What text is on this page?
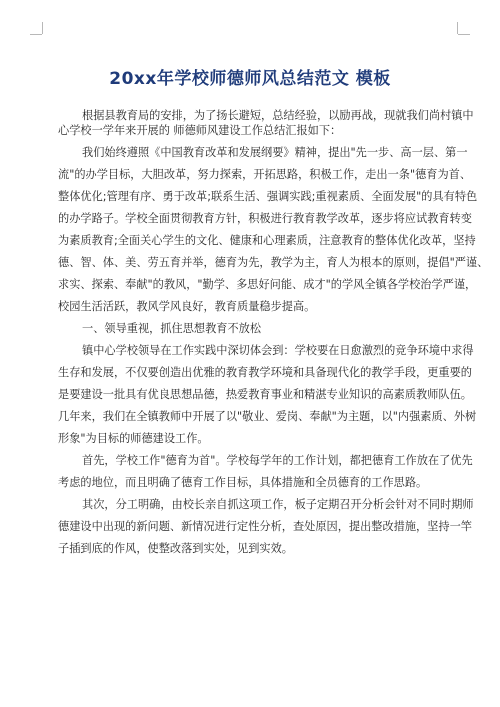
20xx年学校师德师风总结范文 模板
根据县教育局的安排，为了扬长避短，总结经验，以励再战，现就我们尚村镇中
心学校一学年来开展的 师德师风建设工作总结汇报如下：
我们始终遵照《中国教育改革和发展纲要》精神，提出"先一步、高一层、第一
流"的办学目标，大胆改革，努力探索，开拓思路，积极工作，走出一条"德育为首、
整体优化;管理有序、勇于改革;联系生活、强调实践;重视素质、全面发展"的具有特色
的办学路子。学校全面贯彻教育方针，积极进行教育教学改革，逐步将应试教育转变
为素质教育;全面关心学生的文化、健康和心理素质，注意教育的整体优化改革，坚持
德、智、体、美、劳五育并举，德育为先，教学为主，育人为根本的原则，提倡"严谨、
求实、探索、奉献"的教风，"勤学、多思好问能、成才"的学风全镇各学校治学严谨，
校园生活活跃，教风学风良好，教育质量稳步提高。
一、领导重视，抓住思想教育不放松
镇中心学校领导在工作实践中深切体会到：学校要在日愈激烈的竞争环境中求得
生存和发展，不仅要创造出优雅的教育教学环境和具备现代化的教学手段，更重要的
是要建设一批具有优良思想品德，热爱教育事业和精湛专业知识的高素质教师队伍。
几年来，我们在全镇教师中开展了以"敬业、爱岗、奉献"为主题，以"内强素质、外树
形象"为目标的师德建设工作。
首先，学校工作"德育为首"。学校每学年的工作计划，都把德育工作放在了优先
考虑的地位，而且明确了德育工作目标，具体措施和全员德育的工作思路。
其次，分工明确，由校长亲自抓这项工作，板子定期召开分析会针对不同时期师
德建设中出现的新问题、新情况进行定性分析，查处原因，提出整改措施，坚持一竿
子插到底的作风，使整改落到实处，见到实效。
